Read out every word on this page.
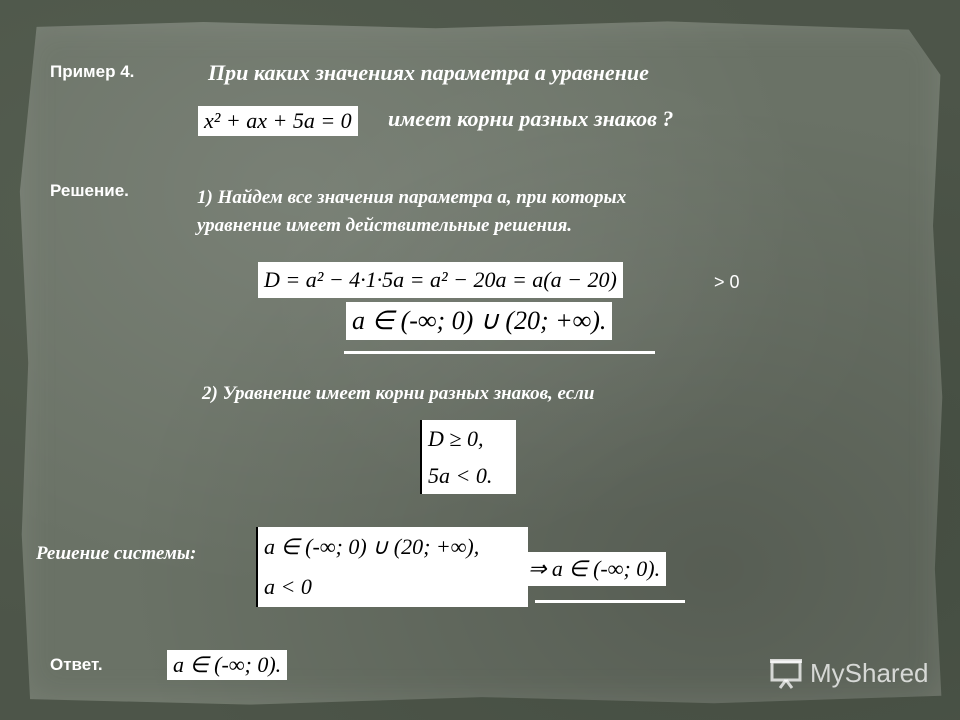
Пример 4.	При каких значениях параметра а уравнение
x² + ax + 5a = 0 имеет корни разных знаков ?
Решение.	1) Найдем все значения параметра а, при которых
уравнение имеет действительные решения.
D = a² − 4·1·5a = a² − 20a = a(a − 20)	> 0
a ∈ (-∞; 0) ∪ (20; +∞).
2) Уравнение имеет корни разных знаков, если
D ≥ 0,
5a < 0.
Решение системы:	a ∈ (-∞; 0) ∪ (20; +∞),
a < 0
⇒ a ∈ (-∞; 0).
Ответ.	a ∈ (-∞; 0).	MyShared
